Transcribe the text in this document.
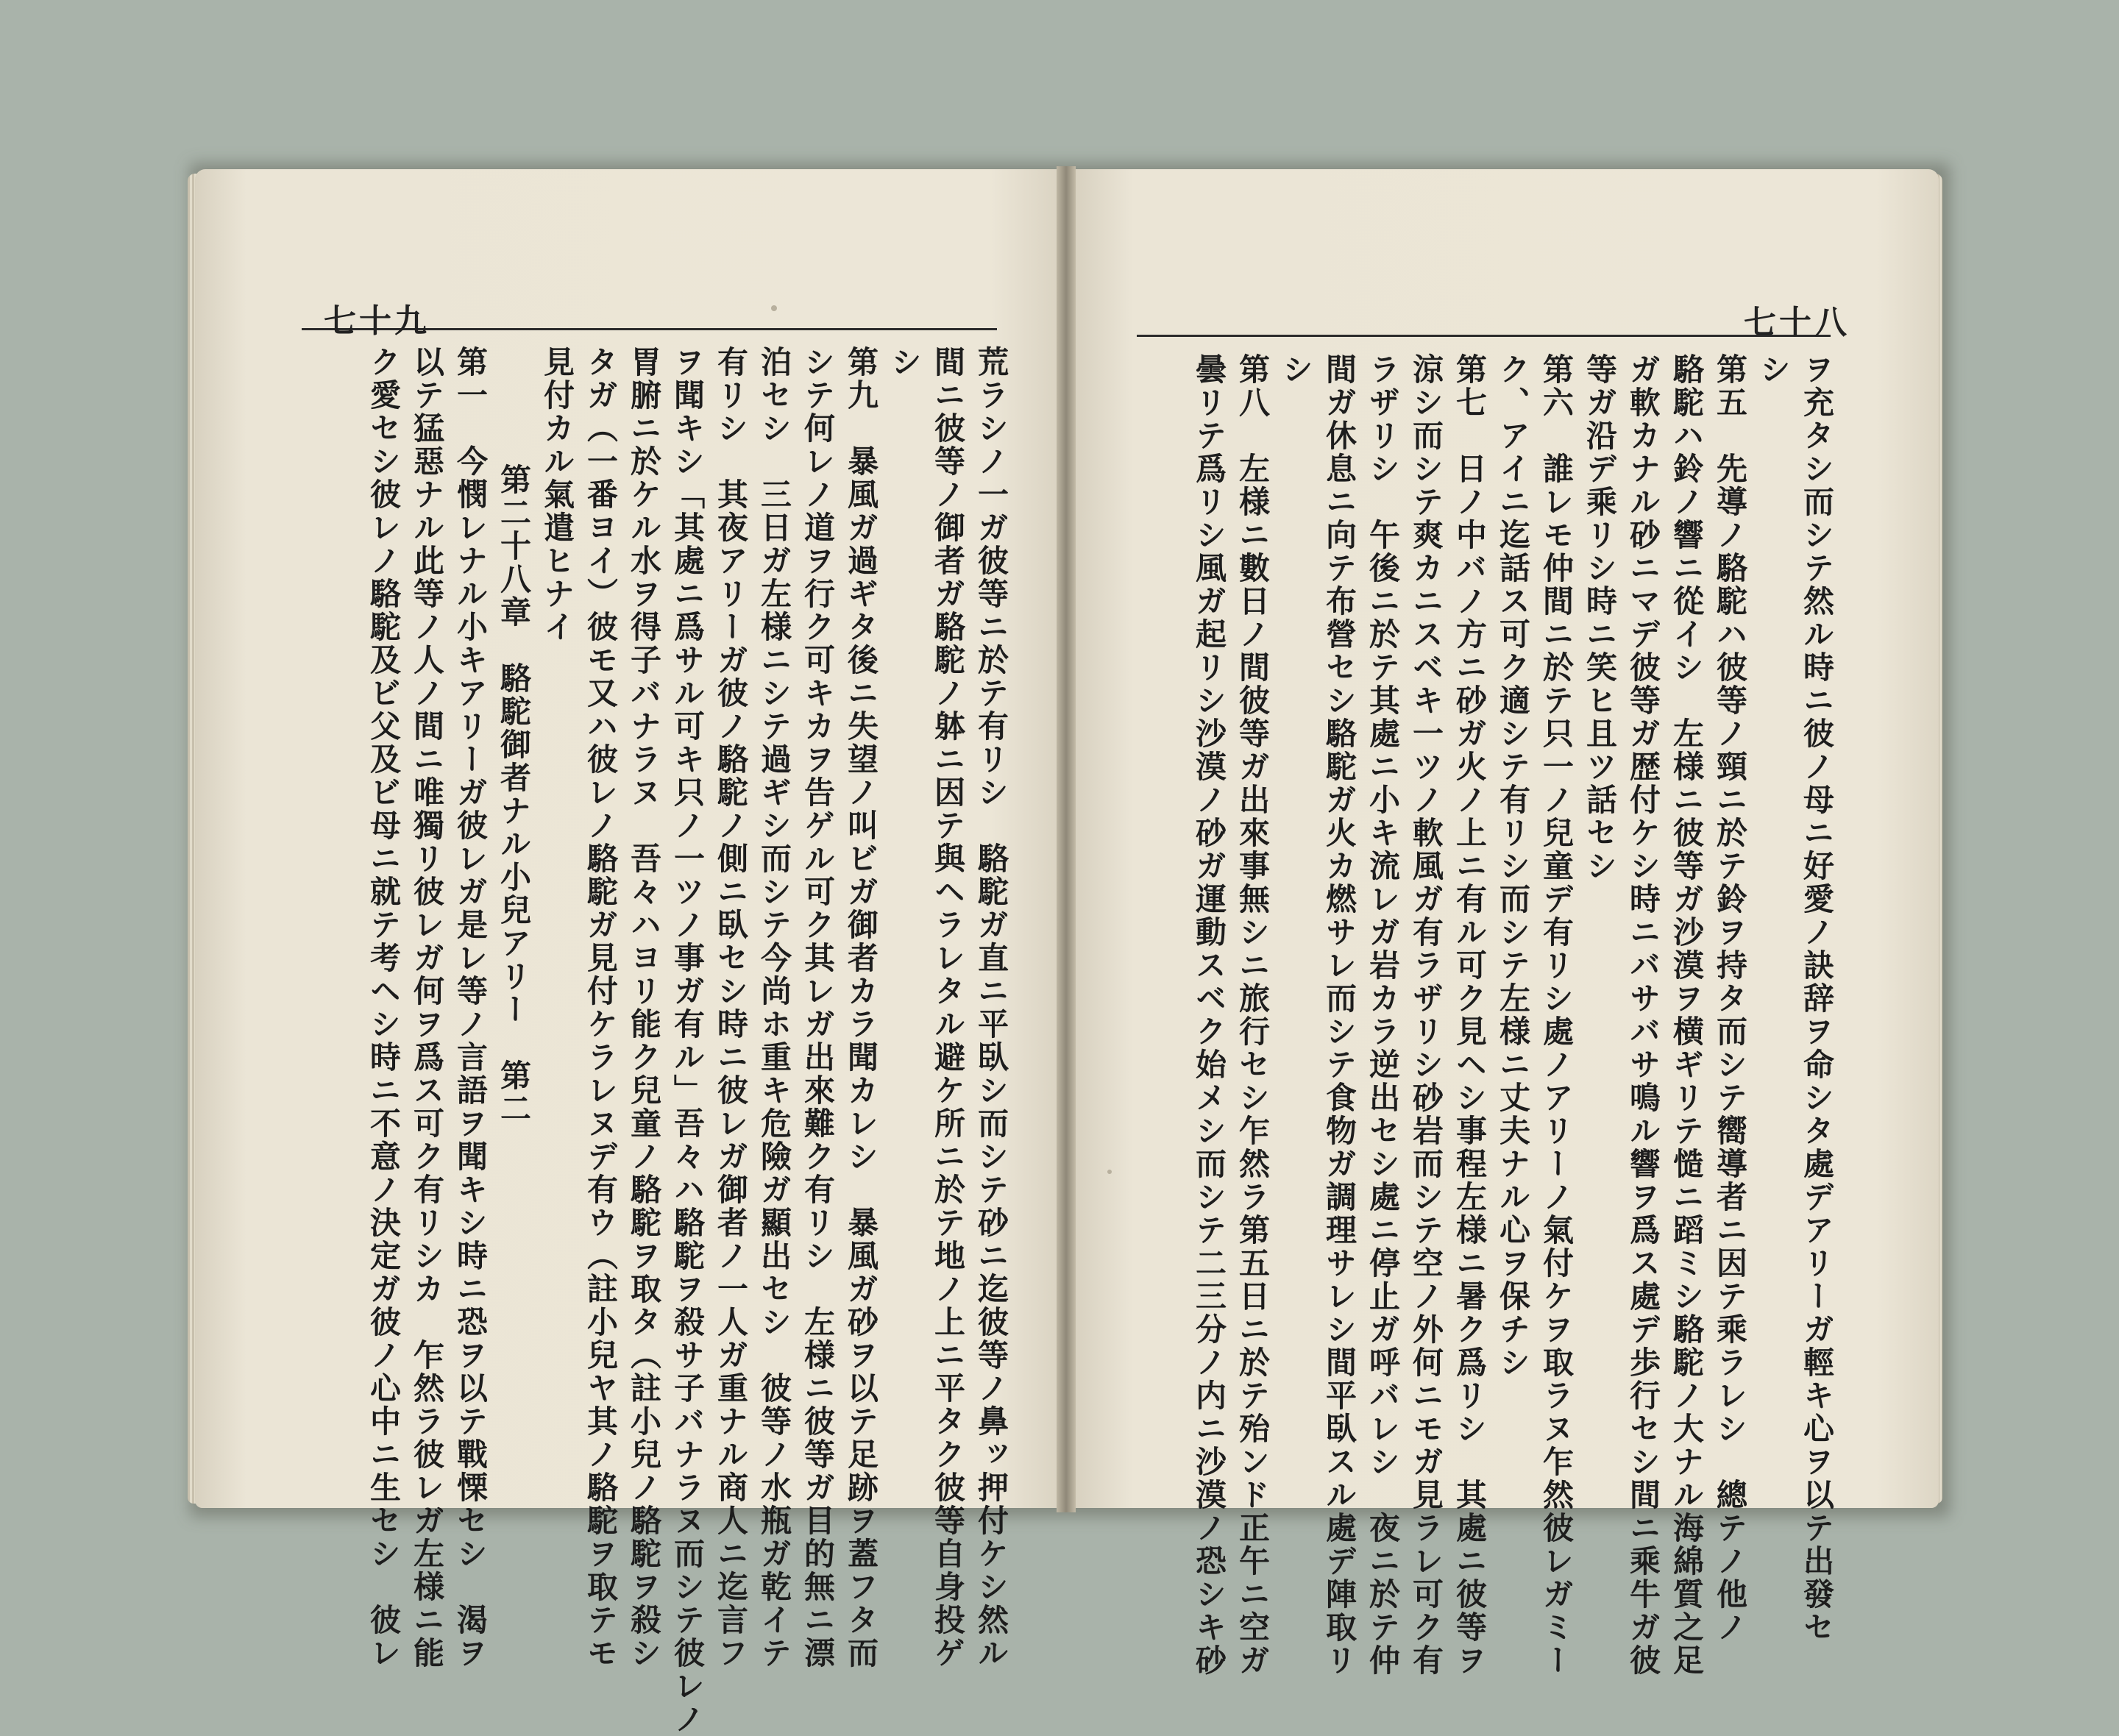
七十九	七十八
荒ラシノ一ガ彼等ニ於テ有リシ　駱駝ガ直ニ平臥シ而シテ砂ニ迄彼等ノ鼻ッ押付ケシ然ル
間ニ彼等ノ御者ガ駱駝ノ躰ニ因テ與ヘラレタル避ケ所ニ於テ地ノ上ニ平タク彼等自身投ゲ
シ
第九　暴風ガ過ギタ後ニ失望ノ叫ビガ御者カラ聞カレシ　暴風ガ砂ヲ以テ足跡ヲ蓋フタ而
シテ何レノ道ヲ行ク可キカヲ告ゲル可ク其レガ出來難ク有リシ　左様ニ彼等ガ目的無ニ漂
泊セシ　三日ガ左様ニシテ過ギシ而シテ今尚ホ重キ危險ガ顯出セシ　彼等ノ水瓶ガ乾イテ
有リシ　其夜アリーガ彼ノ駱駝ノ側ニ臥セシ時ニ彼レガ御者ノ一人ガ重ナル商人ニ迄言フ
ヲ聞キシ「其處ニ爲サル可キ只ノ一ツノ事ガ有ル」吾々ハ駱駝ヲ殺サ子バナラヌ而シテ彼レノ
胃腑ニ於ケル水ヲ得子バナラヌ　吾々ハヨリ能ク兒童ノ駱駝ヲ取タ（註小兒ノ駱駝ヲ殺シ
タガ（一番ヨイ）彼モ又ハ彼レノ駱駝ガ見付ケラレヌデ有ウ（註小兒ヤ其ノ駱駝ヲ取テモ
見付カル氣遣ヒナイ
第二十八章　駱駝御者ナル小兒アリー　第二
第一　今憫レナル小キアリーガ彼レガ是レ等ノ言語ヲ聞キシ時ニ恐ヲ以テ戰慄セシ　渴ヲ
以テ猛惡ナル此等ノ人ノ間ニ唯獨リ彼レガ何ヲ爲ス可ク有リシカ　乍然ラ彼レガ左様ニ能
ク愛セシ彼レノ駱駝及ビ父及ビ母ニ就テ考ヘシ時ニ不意ノ決定ガ彼ノ心中ニ生セシ　彼レ	ヲ充タシ而シテ然ル時ニ彼ノ母ニ好愛ノ訣辞ヲ命シタ處デアリーガ輕キ心ヲ以テ出發セ
シ
第五　先導ノ駱駝ハ彼等ノ頸ニ於テ鈴ヲ持タ而シテ嚮導者ニ因テ乘ラレシ　總テノ他ノ
駱駝ハ鈴ノ響ニ從イシ　左様ニ彼等ガ沙漠ヲ横ギリテ慥ニ蹈ミシ駱駝ノ大ナル海綿質之足
ガ軟カナル砂ニマデ彼等ガ歴付ケシ時ニバサバサ鳴ル響ヲ爲ス處デ歩行セシ間ニ乘牛ガ彼
等ガ沿デ乘リシ時ニ笑ヒ且ツ話セシ
第六　誰レモ仲間ニ於テ只一ノ兒童デ有リシ處ノアリーノ氣付ケヲ取ラヌ乍然彼レガミー
ク、アイニ迄話ス可ク適シテ有リシ而シテ左様ニ丈夫ナル心ヲ保チシ
第七　日ノ中バノ方ニ砂ガ火ノ上ニ有ル可ク見ヘシ事程左様ニ暑ク爲リシ　其處ニ彼等ヲ
涼シ而シテ爽カニスベキ一ツノ軟風ガ有ラザリシ砂岩而シテ空ノ外何ニモガ見ラレ可ク有
ラザリシ　午後ニ於テ其處ニ小キ流レガ岩カラ逆出セシ處ニ停止ガ呼バレシ　夜ニ於テ仲
間ガ休息ニ向テ布營セシ駱駝ガ火カ燃サレ而シテ食物ガ調理サレシ間平臥スル處デ陣取リ
シ
第八　左様ニ數日ノ間彼等ガ出來事無シニ旅行セシ乍然ラ第五日ニ於テ殆ンド正午ニ空ガ
曇リテ爲リシ風ガ起リシ沙漠ノ砂ガ運動スベク始メシ而シテ二三分ノ内ニ沙漠ノ恐シキ砂
